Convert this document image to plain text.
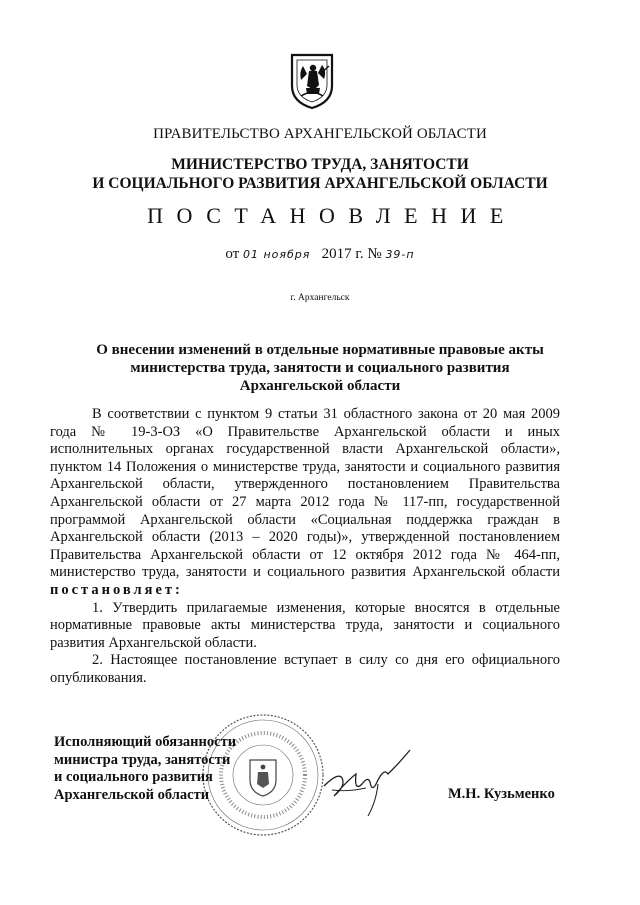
ПРАВИТЕЛЬСТВО АРХАНГЕЛЬСКОЙ ОБЛАСТИ
МИНИСТЕРСТВО ТРУДА, ЗАНЯТОСТИ
И СОЦИАЛЬНОГО РАЗВИТИЯ АРХАНГЕЛЬСКОЙ ОБЛАСТИ
ПОСТАНОВЛЕНИЕ
от 01 ноября 2017 г. № 39-п
г. Архангельск
О внесении изменений в отдельные нормативные правовые акты
министерства труда, занятости и социального развития
Архангельской области

В соответствии с пунктом 9 статьи 31 областного закона от 20 мая 2009 года № 19-3-ОЗ «О Правительстве Архангельской области и иных исполнительных органах государственной власти Архангельской области», пунктом 14 Положения о министерстве труда, занятости и социального развития Архангельской области, утвержденного постановлением Правительства Архангельской области от 27 марта 2012 года № 117-пп, государственной программой Архангельской области «Социальная поддержка граждан в Архангельской области (2013 – 2020 годы)», утвержденной постановлением Правительства Архангельской области от 12 октября 2012 года № 464-пп, министерство труда, занятости и социального развития Архангельской области постановляет:

1. Утвердить прилагаемые изменения, которые вносятся в отдельные нормативные правовые акты министерства труда, занятости и социального развития Архангельской области.

2. Настоящее постановление вступает в силу со дня его официального опубликования.

Исполняющий обязанности
министра труда, занятости
и социального развития
Архангельской области	М.Н. Кузьменко
